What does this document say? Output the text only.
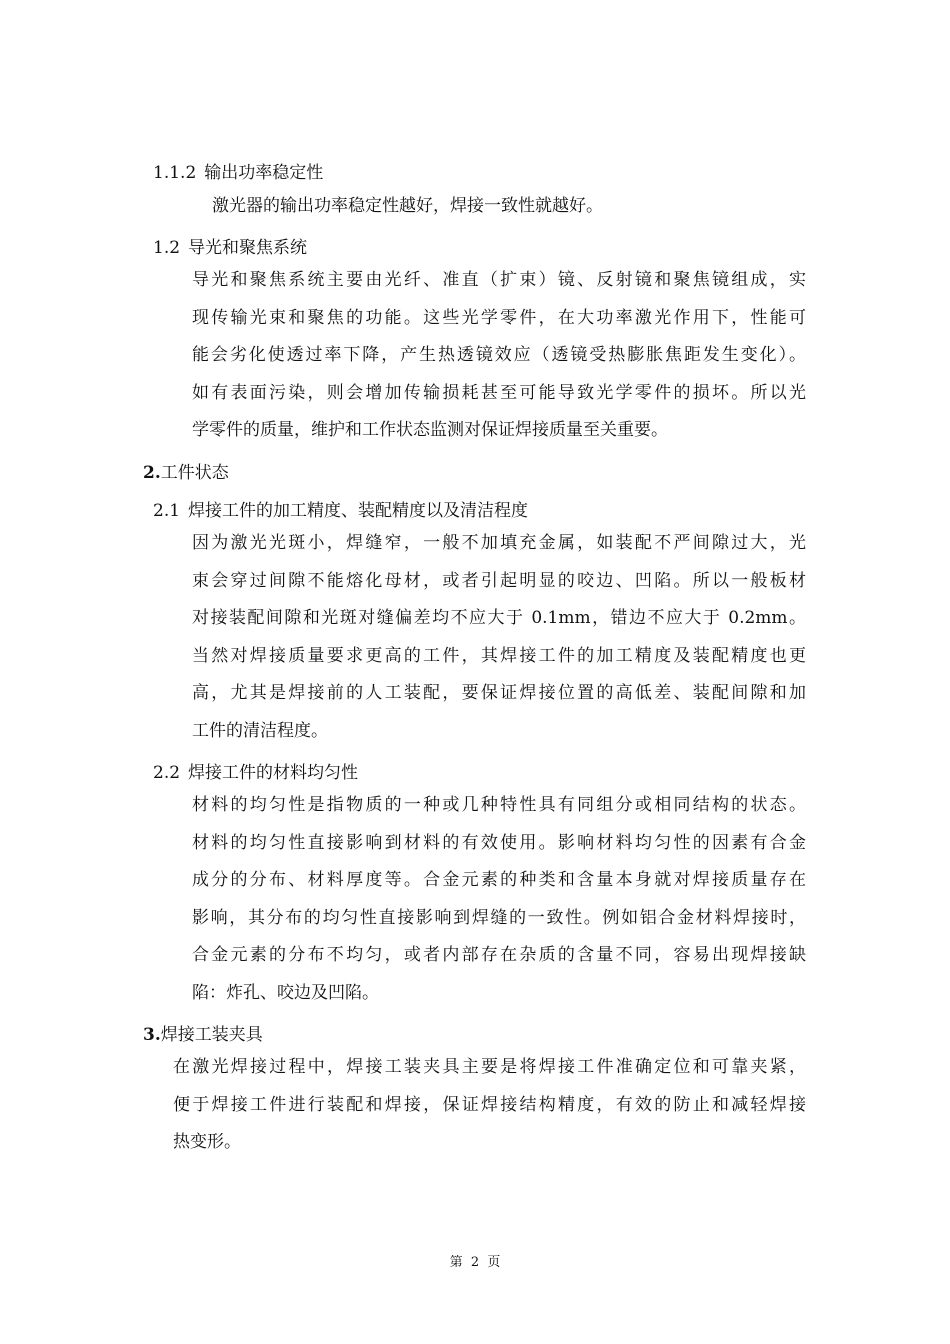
1.1.2 输出功率稳定性
激光器的输出功率稳定性越好，焊接一致性就越好。
1.2 导光和聚焦系统
导光和聚焦系统主要由光纤、准直（扩束）镜、反射镜和聚焦镜组成，实
现传输光束和聚焦的功能。这些光学零件，在大功率激光作用下，性能可
能会劣化使透过率下降，产生热透镜效应（透镜受热膨胀焦距发生变化）。
如有表面污染，则会增加传输损耗甚至可能导致光学零件的损坏。所以光
学零件的质量，维护和工作状态监测对保证焊接质量至关重要。
2.工件状态
2.1 焊接工件的加工精度、装配精度以及清洁程度
因为激光光斑小，焊缝窄，一般不加填充金属，如装配不严间隙过大，光
束会穿过间隙不能熔化母材，或者引起明显的咬边、凹陷。所以一般板材
对接装配间隙和光斑对缝偏差均不应大于 0.1mm，错边不应大于 0.2mm。
当然对焊接质量要求更高的工件，其焊接工件的加工精度及装配精度也更
高，尤其是焊接前的人工装配，要保证焊接位置的高低差、装配间隙和加
工件的清洁程度。
2.2 焊接工件的材料均匀性
材料的均匀性是指物质的一种或几种特性具有同组分或相同结构的状态。
材料的均匀性直接影响到材料的有效使用。影响材料均匀性的因素有合金
成分的分布、材料厚度等。合金元素的种类和含量本身就对焊接质量存在
影响，其分布的均匀性直接影响到焊缝的一致性。例如铝合金材料焊接时，
合金元素的分布不均匀，或者内部存在杂质的含量不同，容易出现焊接缺
陷：炸孔、咬边及凹陷。
3.焊接工装夹具
在激光焊接过程中，焊接工装夹具主要是将焊接工件准确定位和可靠夹紧，
便于焊接工件进行装配和焊接，保证焊接结构精度，有效的防止和减轻焊接
热变形。
第  2  页
